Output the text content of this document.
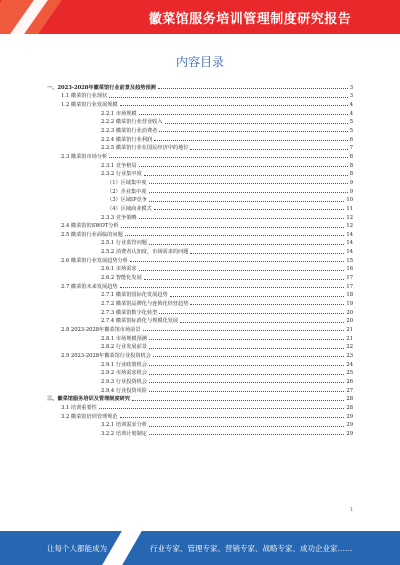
徽菜馆服务培训管理制度研究报告
内容目录
一、2023-2028年徽菜馆行业前景及趋势预测	3
1.1 徽菜馆行业现状	3
1.2 徽菜馆行业发展规模	4
2.2.1 市场规模	4
2.2.2 徽菜馆行业营业收入	5
2.2.3 徽菜馆行业消费者	5
2.2.4 徽菜馆行业利润	6
2.2.5 徽菜馆行业在国民经济中的地位	7
2.3 徽菜馆市场分析	8
2.3.1 竞争格局	8
2.3.2 行业集中度	8
（1）区域集中度	9
（2）企业集中度	9
（3）区域IP竞争	10
（4）区域商业模式	11
2.3.3 竞争策略	12
2.4 徽菜馆的SWOT分析	12
2.5 徽菜馆行业面临的问题	14
2.5.1 行业监管问题	14
2.5.2 消费者认知度，市场需求的问题	14
2.6 徽菜馆行业发展趋势分析	15
2.6.1 市场需求	16
2.6.2 智能化发展	17
2.7 徽菜馆未来发展趋势	17
2.7.1 徽菜馆国际化发展趋势	18
2.7.2 徽菜馆品牌化与连锁化经营趋势	19
2.7.3 徽菜馆数字化转型	20
2.7.4 徽菜馆标准化与规模化发展	20
2.8 2023-2028年徽菜馆市场前景	21
2.8.1 市场规模预测	21
2.8.2 行业发展前景	22
2.9 2023-2028年徽菜馆行业投资机会	23
2.9.1 行业政策机会	24
2.9.2 市场需求机会	25
2.9.3 行业投资机会	26
2.9.4 行业投资风险	27
三、徽菜馆服务培训及管理制度研究	28
3.1 培训重要性	28
3.2 徽菜馆培训管理规范	29
3.2.1 培训需求分析	29
3.2.2 培训计划制定	29
1
让每个人都能成为	行业专家、管理专家、营销专家、战略专家、成功企业家……
